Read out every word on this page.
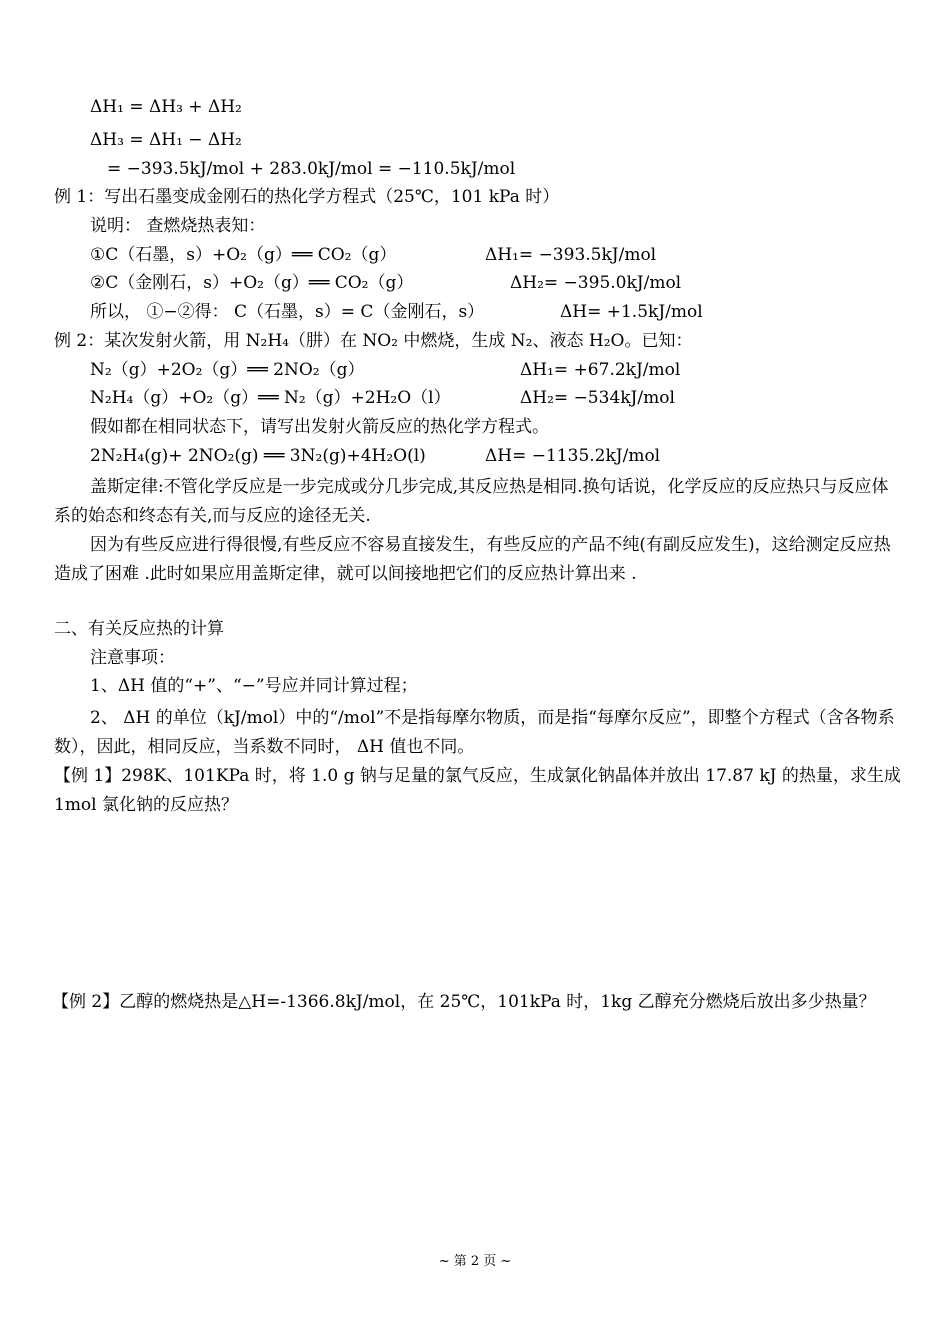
ΔH₁ = ΔH₃ + ΔH₂
ΔH₃ = ΔH₁ − ΔH₂
= −393.5kJ/mol + 283.0kJ/mol = −110.5kJ/mol
例 1：写出石墨变成金刚石的热化学方程式（25℃，101 kPa 时）
说明： 查燃烧热表知：
①C（石墨，s）+O₂（g）══ CO₂（g）	ΔH₁= −393.5kJ/mol
②C（金刚石，s）+O₂（g）══ CO₂（g）	ΔH₂= −395.0kJ/mol
所以， ①−②得： C（石墨，s）= C（金刚石，s）	ΔH= +1.5kJ/mol
例 2：某次发射火箭，用 N₂H₄（肼）在 NO₂ 中燃烧，生成 N₂、液态 H₂O。已知：
N₂（g）+2O₂（g）══ 2NO₂（g）	ΔH₁= +67.2kJ/mol
N₂H₄（g）+O₂（g）══ N₂（g）+2H₂O（l）	ΔH₂= −534kJ/mol
假如都在相同状态下，请写出发射火箭反应的热化学方程式。
2N₂H₄(g)+ 2NO₂(g) ══ 3N₂(g)+4H₂O(l)	ΔH= −1135.2kJ/mol
盖斯定律:不管化学反应是一步完成或分几步完成,其反应热是相同.换句话说，化学反应的反应热只与反应体系的始态和终态有关,而与反应的途径无关.
因为有些反应进行得很慢,有些反应不容易直接发生，有些反应的产品不纯(有副反应发生)，这给测定反应热造成了困难 .此时如果应用盖斯定律，就可以间接地把它们的反应热计算出来 .
二、有关反应热的计算
注意事项：
1、ΔH 值的“+”、“−”号应并同计算过程；
2、 ΔH 的单位（kJ/mol）中的“/mol”不是指每摩尔物质，而是指“每摩尔反应”，即整个方程式（含各物系数），因此，相同反应，当系数不同时， ΔH 值也不同。
【例 1】298K、101KPa 时，将 1.0 g 钠与足量的氯气反应，生成氯化钠晶体并放出 17.87 kJ 的热量，求生成 1mol 氯化钠的反应热？
【例 2】乙醇的燃烧热是△H=-1366.8kJ/mol，在 25℃，101kPa 时，1kg 乙醇充分燃烧后放出多少热量？
~ 第 2 页 ~
